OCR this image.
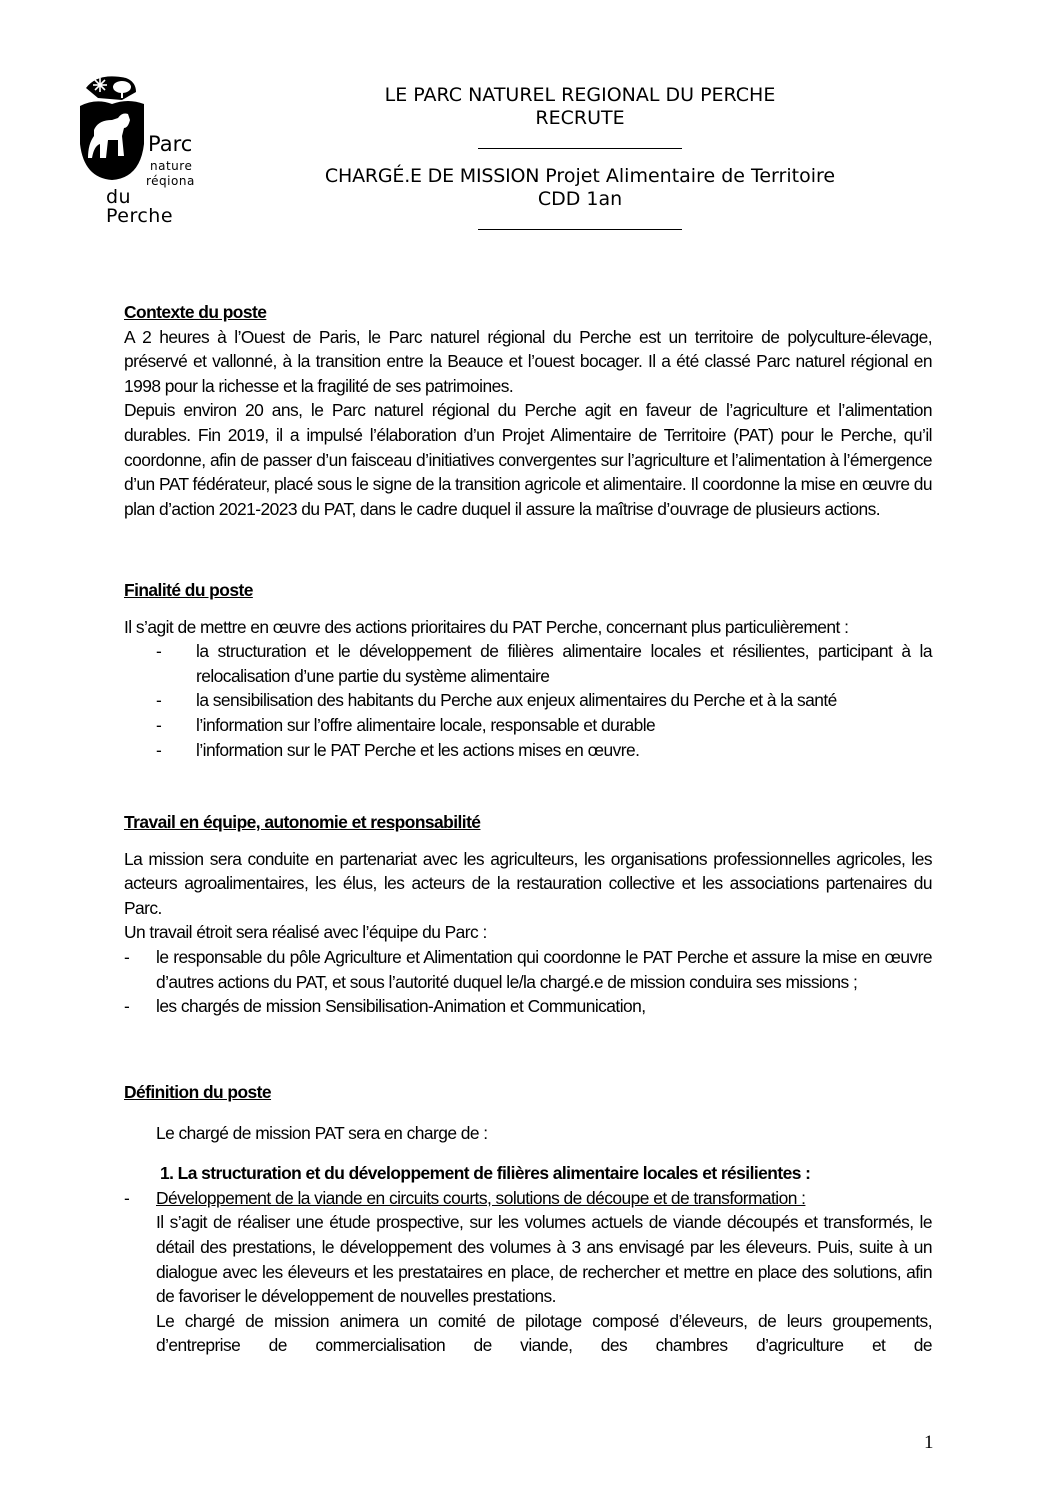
Parc
nature
réqiona
du Perche
LE PARC NATUREL REGIONAL DU PERCHE
RECRUTE
CHARGÉ.E DE MISSION Projet Alimentaire de Territoire
CDD 1an

Contexte du poste

A 2 heures à l’Ouest de Paris, le Parc naturel régional du Perche est un territoire de polyculture-élevage, préservé et vallonné, à la transition entre la Beauce et l’ouest bocager. Il a été classé Parc naturel régional en 1998 pour la richesse et la fragilité de ses patrimoines.

Depuis environ 20 ans, le Parc naturel régional du Perche agit en faveur de l’agriculture et l’alimentation durables. Fin 2019, il a impulsé l’élaboration d’un Projet Alimentaire de Territoire (PAT) pour le Perche, qu’il coordonne, afin de passer d’un faisceau d’initiatives convergentes sur l’agriculture et l’alimentation à l’émergence d’un PAT fédérateur, placé sous le signe de la transition agricole et alimentaire. Il coordonne la mise en œuvre du plan d’action 2021-2023 du PAT, dans le cadre duquel il assure la maîtrise d’ouvrage de plusieurs actions.

Finalité du poste

Il s’agit de mettre en œuvre des actions prioritaires du PAT Perche, concernant plus particulièrement :

- la structuration et le développement de filières alimentaire locales et résilientes, participant à la relocalisation d’une partie du système alimentaire
- la sensibilisation des habitants du Perche aux enjeux alimentaires du Perche et à la santé
- l’information sur l’offre alimentaire locale, responsable et durable
- l’information sur le PAT Perche et les actions mises en œuvre.

Travail en équipe, autonomie et responsabilité

La mission sera conduite en partenariat avec les agriculteurs, les organisations professionnelles agricoles, les acteurs agroalimentaires, les élus, les acteurs de la restauration collective et les associations partenaires du Parc.

Un travail étroit sera réalisé avec l’équipe du Parc :

- le responsable du pôle Agriculture et Alimentation qui coordonne le PAT Perche et assure la mise en œuvre d’autres actions du PAT, et sous l’autorité duquel le/la chargé.e de mission conduira ses missions ;
- les chargés de mission Sensibilisation-Animation et Communication,

Définition du poste

Le chargé de mission PAT sera en charge de :

1. La structuration et du développement de filières alimentaire locales et résilientes :

- Développement de la viande en circuits courts, solutions de découpe et de transformation :

Il s’agit de réaliser une étude prospective, sur les volumes actuels de viande découpés et transformés, le détail des prestations, le développement des volumes à 3 ans envisagé par les éleveurs. Puis, suite à un dialogue avec les éleveurs et les prestataires en place, de rechercher et mettre en place des solutions, afin de favoriser le développement de nouvelles prestations.

Le chargé de mission animera un comité de pilotage composé d’éleveurs, de leurs groupements, d’entreprise de commercialisation de viande, des chambres d’agriculture et de

1
